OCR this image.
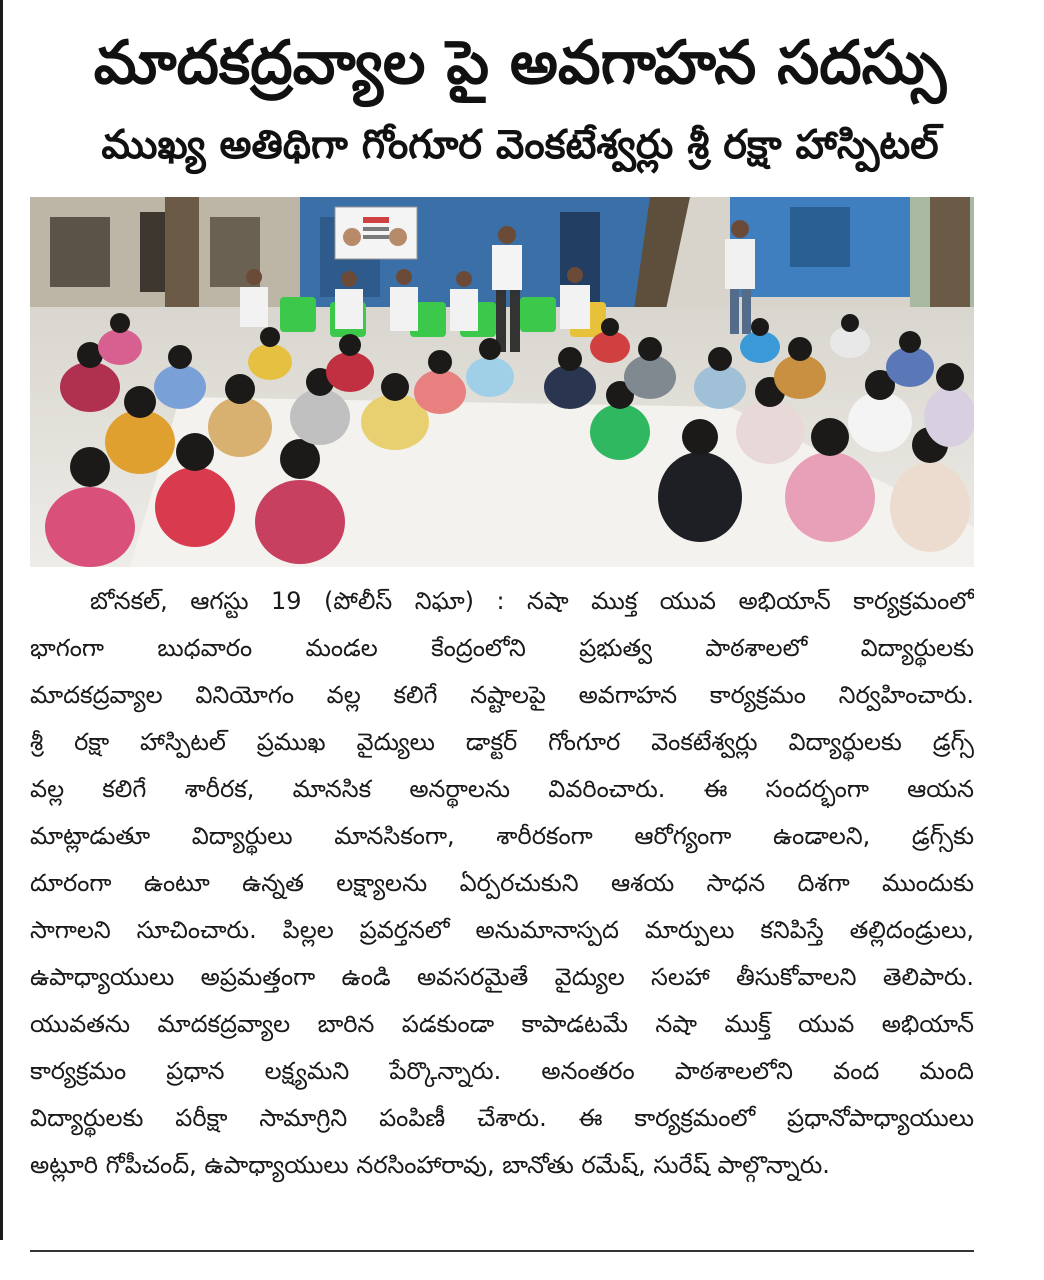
మాదకద్రవ్యాల పై అవగాహన సదస్సు
ముఖ్య అతిథిగా గోంగూర వెంకటేశ్వర్లు శ్రీ రక్షా హాస్పిటల్
బోనకల్, ఆగస్టు 19 (పోలీస్ నిఘా) : నషా ముక్త యువ అభియాన్ కార్యక్రమంలో
భాగంగా బుధవారం మండల కేంద్రంలోని ప్రభుత్వ పాఠశాలలో విద్యార్థులకు
మాదకద్రవ్యాల వినియోగం వల్ల కలిగే నష్టాలపై అవగాహన కార్యక్రమం నిర్వహించారు.
శ్రీ రక్షా హాస్పిటల్ ప్రముఖ వైద్యులు డాక్టర్ గోంగూర వెంకటేశ్వర్లు విద్యార్థులకు డ్రగ్స్
వల్ల కలిగే శారీరక, మానసిక అనర్థాలను వివరించారు. ఈ సందర్భంగా ఆయన
మాట్లాడుతూ విద్యార్థులు మానసికంగా, శారీరకంగా ఆరోగ్యంగా ఉండాలని, డ్రగ్స్‌కు
దూరంగా ఉంటూ ఉన్నత లక్ష్యాలను ఏర్పరచుకుని ఆశయ సాధన దిశగా ముందుకు
సాగాలని సూచించారు. పిల్లల ప్రవర్తనలో అనుమానాస్పద మార్పులు కనిపిస్తే తల్లిదండ్రులు,
ఉపాధ్యాయులు అప్రమత్తంగా ఉండి అవసరమైతే వైద్యుల సలహా తీసుకోవాలని తెలిపారు.
యువతను మాదకద్రవ్యాల బారిన పడకుండా కాపాడటమే నషా ముక్త్ యువ అభియాన్
కార్యక్రమం ప్రధాన లక్ష్యమని పేర్కొన్నారు. అనంతరం పాఠశాలలోని వంద మంది
విద్యార్థులకు పరీక్షా సామాగ్రిని పంపిణీ చేశారు. ఈ కార్యక్రమంలో ప్రధానోపాధ్యాయులు
అట్లూరి గోపీచంద్, ఉపాధ్యాయులు నరసింహారావు, బానోతు రమేష్, సురేష్ పాల్గొన్నారు.
